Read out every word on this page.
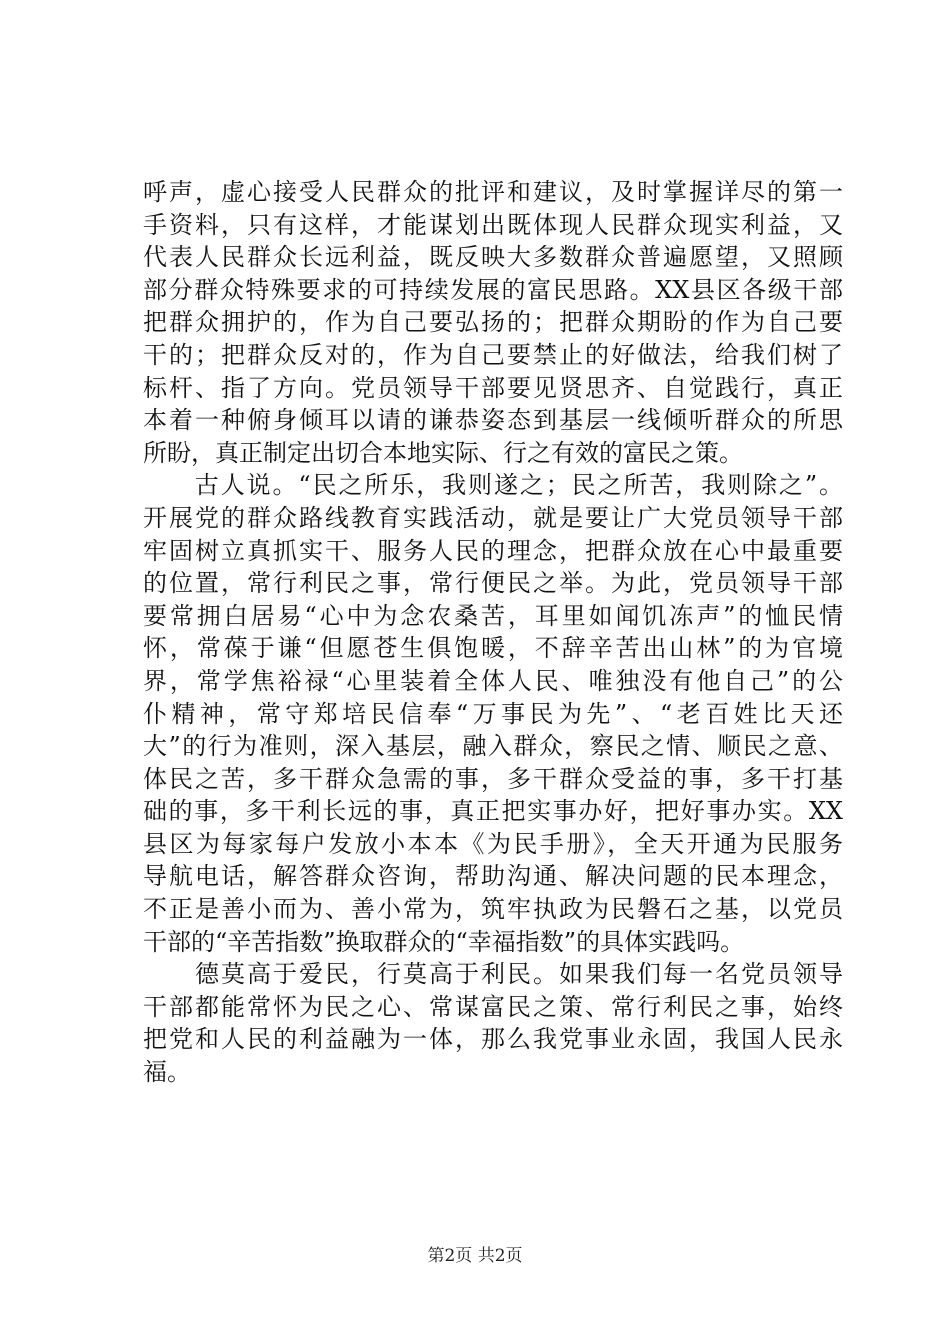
呼声，虚心接受人民群众的批评和建议，及时掌握详尽的第一
手资料，只有这样，才能谋划出既体现人民群众现实利益，又
代表人民群众长远利益，既反映大多数群众普遍愿望，又照顾
部分群众特殊要求的可持续发展的富民思路。XX县区各级干部
把群众拥护的，作为自己要弘扬的；把群众期盼的作为自己要
干的；把群众反对的，作为自己要禁止的好做法，给我们树了
标杆、指了方向。党员领导干部要见贤思齐、自觉践行，真正
本着一种俯身倾耳以请的谦恭姿态到基层一线倾听群众的所思
所盼，真正制定出切合本地实际、行之有效的富民之策。
　　古人说。“民之所乐，我则遂之；民之所苦，我则除之”。
开展党的群众路线教育实践活动，就是要让广大党员领导干部
牢固树立真抓实干、服务人民的理念，把群众放在心中最重要
的位置，常行利民之事，常行便民之举。为此，党员领导干部
要常拥白居易“心中为念农桑苦，耳里如闻饥冻声”的恤民情
怀，常葆于谦“但愿苍生俱饱暖，不辞辛苦出山林”的为官境
界，常学焦裕禄“心里装着全体人民、唯独没有他自己”的公
仆精神，常守郑培民信奉“万事民为先”、“老百姓比天还
大”的行为准则，深入基层，融入群众，察民之情、顺民之意、
体民之苦，多干群众急需的事，多干群众受益的事，多干打基
础的事，多干利长远的事，真正把实事办好，把好事办实。XX
县区为每家每户发放小本本《为民手册》，全天开通为民服务
导航电话，解答群众咨询，帮助沟通、解决问题的民本理念，
不正是善小而为、善小常为，筑牢执政为民磐石之基，以党员
干部的“辛苦指数”换取群众的“幸福指数”的具体实践吗。
　　德莫高于爱民，行莫高于利民。如果我们每一名党员领导
干部都能常怀为民之心、常谋富民之策、常行利民之事，始终
把党和人民的利益融为一体，那么我党事业永固，我国人民永
福。
第2页 共2页
